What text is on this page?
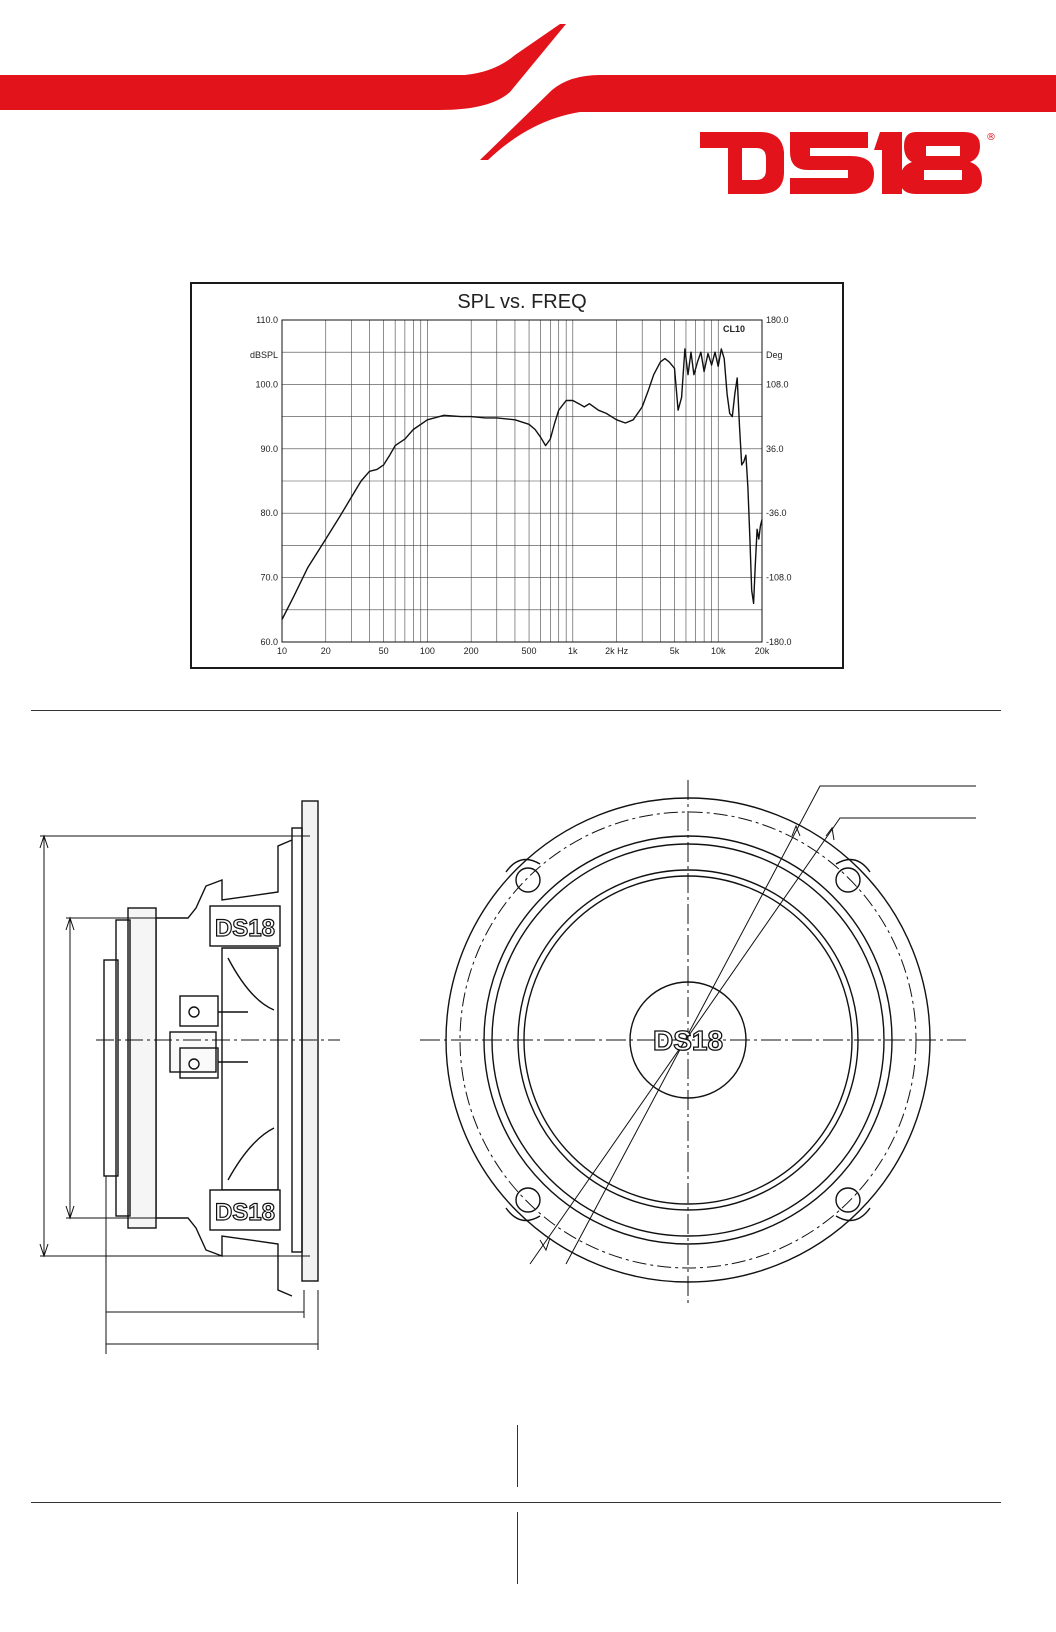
®
SPL vs. FREQ
10	20	50	100	200	500	1k	2k Hz	5k	10k	20k
60.0
70.0
80.0
90.0
100.0
110.0
-180.0
-108.0
-36.0
36.0
108.0
180.0
dBSPL	Deg
CL10
DS18
DS18
DS18
